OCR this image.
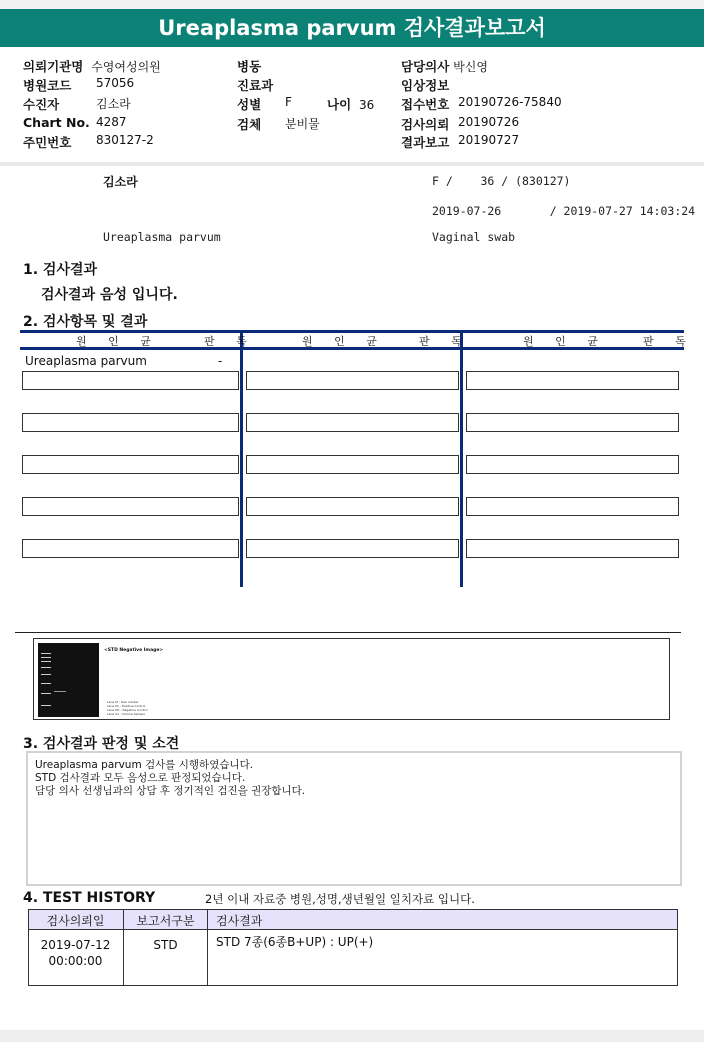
Ureaplasma parvum 검사결과보고서
의뢰기관명 수영여성의원
병원코드 57056
수진자	김소라
Chart No. 4287
주민번호 830127-2
병동
진료과
성별 F	나이 36
검체 분비물
담당의사 박신영
임상정보
접수번호 20190726-75840
검사의뢰 20190726
결과보고 20190727
김소라	F /    36 / (830127)
2019-07-26       / 2019-07-27 14:03:24
Ureaplasma parvum	Vaginal swab
1. 검사결과
검사결과 음성 입니다.
2. 검사항목 및 결과
원 인 균	판 독	원 인 균	판 독	원 인 균	판 독
Ureaplasma parvum	-
<STD Negative Image>
Lane M : Size marker
Lane PC : Positive Control
Lane NC : Negative Control
Lane S1 : Clinical Sample
3. 검사결과 판정 및 소견
Ureaplasma parvum 검사를 시행하였습니다.
STD 검사결과 모두 음성으로 판정되었습니다.
담당 의사 선생님과의 상담 후 정기적인 검진을 권장합니다.
4. TEST HISTORY	2년 이내 자료중 병원,성명,생년월일 일치자료 입니다.
검사의뢰일	보고서구분	검사결과
2019-07-12
00:00:00
STD	STD 7종(6종B+UP) : UP(+)
